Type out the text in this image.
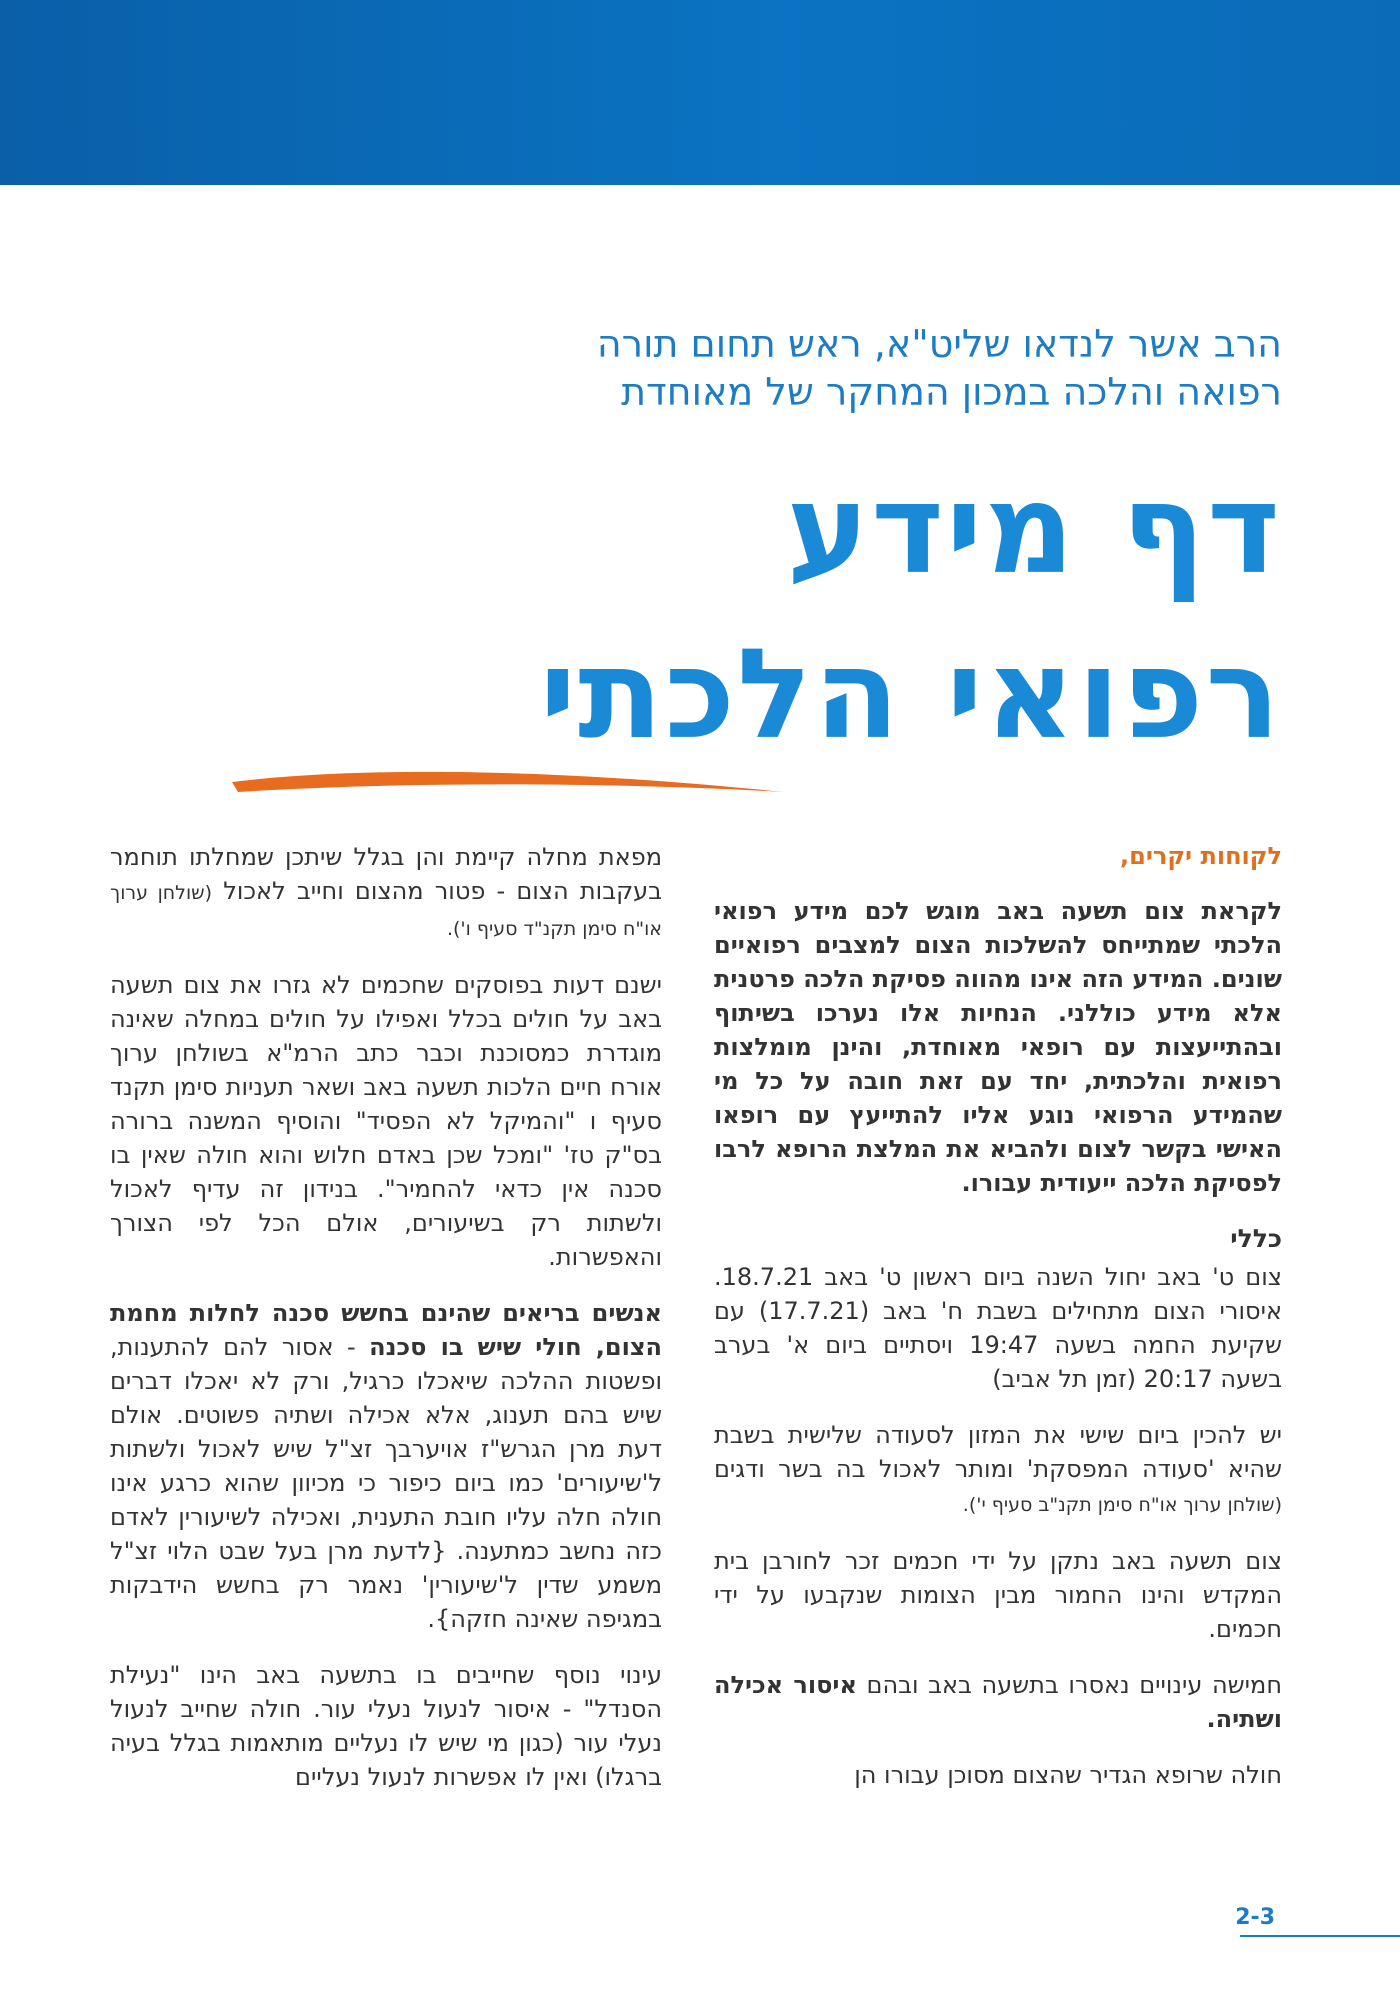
הרב אשר לנדאו שליט"א, ראש תחום תורה
רפואה והלכה במכון המחקר של מאוחדת
דף מידע
רפואי הלכתי

לקוחות יקרים,

לקראת צום תשעה באב מוגש לכם מידע רפואי הלכתי שמתייחס להשלכות הצום למצבים רפואיים שונים. המידע הזה אינו מהווה פסיקת הלכה פרטנית אלא מידע כוללני. הנחיות אלו נערכו בשיתוף ובהתייעצות עם רופאי מאוחדת, והינן מומלצות רפואית והלכתית, יחד עם זאת חובה על כל מי שהמידע הרפואי נוגע אליו להתייעץ עם רופאו האישי בקשר לצום ולהביא את המלצת הרופא לרבו לפסיקת הלכה ייעודית עבורו.

כללי

צום ט' באב יחול השנה ביום ראשון ט' באב 18.7.21. איסורי הצום מתחילים בשבת ח' באב (17.7.21) עם שקיעת החמה בשעה 19:47 ויסתיים ביום א' בערב בשעה 20:17 (זמן תל אביב)

יש להכין ביום שישי את המזון לסעודה שלישית בשבת שהיא 'סעודה המפסקת' ומותר לאכול בה בשר ודגים (שולחן ערוך או"ח סימן תקנ"ב סעיף י').

צום תשעה באב נתקן על ידי חכמים זכר לחורבן בית המקדש והינו החמור מבין הצומות שנקבעו על ידי חכמים.

חמישה עינויים נאסרו בתשעה באב ובהם איסור אכילה ושתיה.

חולה שרופא הגדיר שהצום מסוכן עבורו הן

מפאת מחלה קיימת והן בגלל שיתכן שמחלתו תוחמר בעקבות הצום - פטור מהצום וחייב לאכול (שולחן ערוך או"ח סימן תקנ"ד סעיף ו').

ישנם דעות בפוסקים שחכמים לא גזרו את צום תשעה באב על חולים בכלל ואפילו על חולים במחלה שאינה מוגדרת כמסוכנת וכבר כתב הרמ"א בשולחן ערוך אורח חיים הלכות תשעה באב ושאר תעניות סימן תקנד סעיף ו "והמיקל לא הפסיד" והוסיף המשנה ברורה בס"ק טז' "ומכל שכן באדם חלוש והוא חולה שאין בו סכנה אין כדאי להחמיר". בנידון זה עדיף לאכול ולשתות רק בשיעורים, אולם הכל לפי הצורך והאפשרות.

אנשים בריאים שהינם בחשש סכנה לחלות מחמת הצום, חולי שיש בו סכנה - אסור להם להתענות, ופשטות ההלכה שיאכלו כרגיל, ורק לא יאכלו דברים שיש בהם תענוג, אלא אכילה ושתיה פשוטים. אולם דעת מרן הגרש"ז אויערבך זצ"ל שיש לאכול ולשתות ל'שיעורים' כמו ביום כיפור כי מכיוון שהוא כרגע אינו חולה חלה עליו חובת התענית, ואכילה לשיעורין לאדם כזה נחשב כמתענה. {לדעת מרן בעל שבט הלוי זצ"ל משמע שדין ל'שיעורין' נאמר רק בחשש הידבקות במגיפה שאינה חזקה}.

עינוי נוסף שחייבים בו בתשעה באב הינו "נעילת הסנדל" - איסור לנעול נעלי עור. חולה שחייב לנעול נעלי עור (כגון מי שיש לו נעליים מותאמות בגלל בעיה ברגלו) ואין לו אפשרות לנעול נעליים

2-3
